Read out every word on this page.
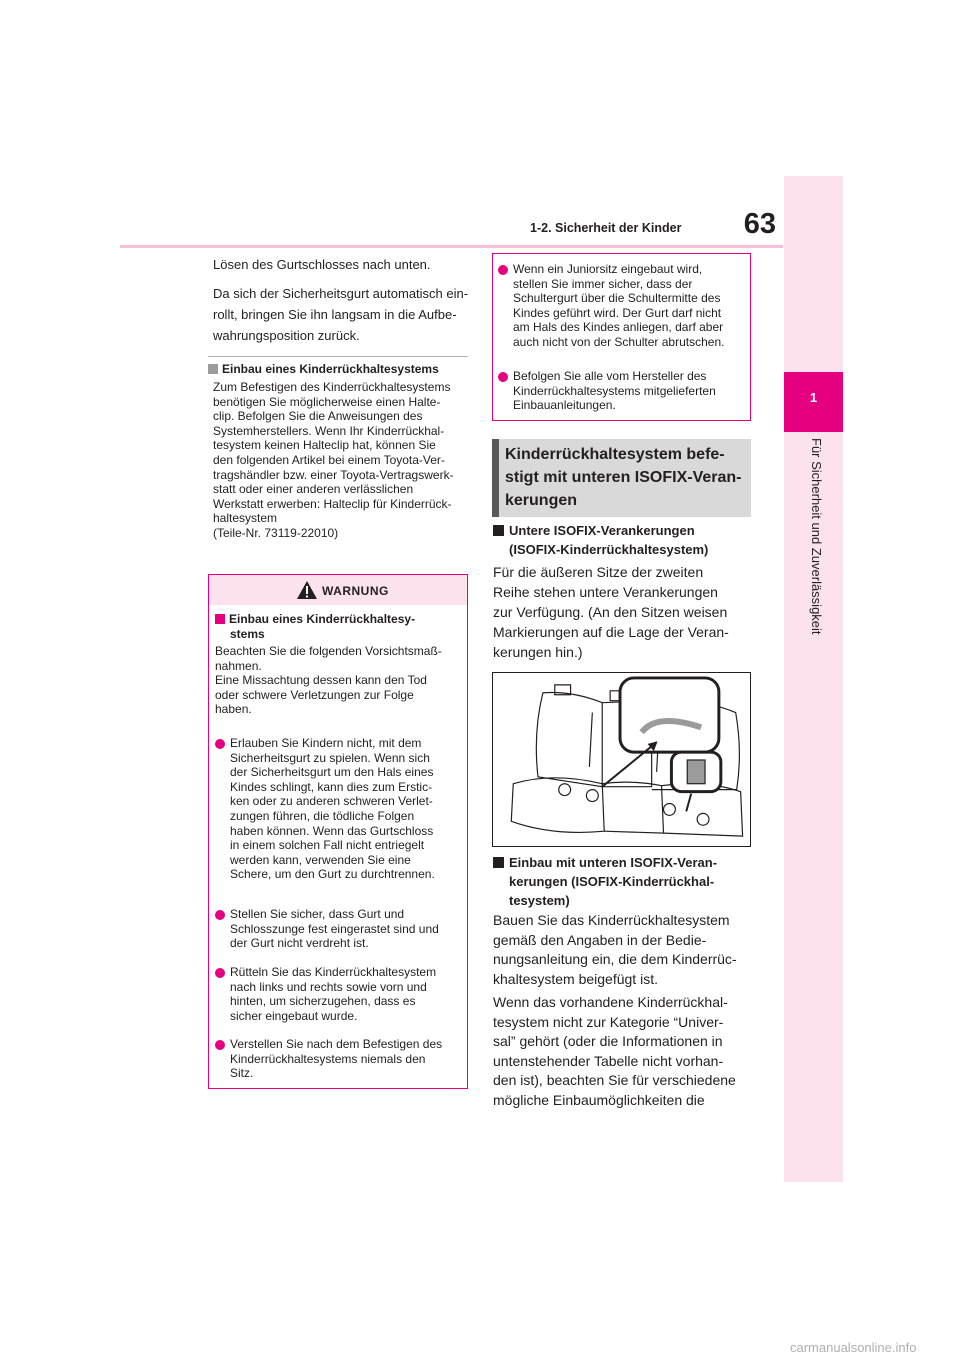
63
1-2. Sicherheit der Kinder
1
Für Sicherheit und Zuverlässigkeit

Lösen des Gurtschlosses nach unten.

Da sich der Sicherheitsgurt automatisch ein-
rollt, bringen Sie ihn langsam in die Aufbe-
wahrungsposition zurück.

Einbau eines Kinderrückhaltesystems
Zum Befestigen des Kinderrückhaltesystems
benötigen Sie möglicherweise einen Halte-
clip. Befolgen Sie die Anweisungen des
Systemherstellers. Wenn Ihr Kinderrückhal-
tesystem keinen Halteclip hat, können Sie
den folgenden Artikel bei einem Toyota-Ver-
tragshändler bzw. einer Toyota-Vertragswerk-
statt oder einer anderen verlässlichen
Werkstatt erwerben: Halteclip für Kinderrück-
haltesystem
(Teile-Nr. 73119-22010)
WARNUNG
Einbau eines Kinderrückhaltesy-
stems
Beachten Sie die folgenden Vorsichtsmaß-
nahmen.
Eine Missachtung dessen kann den Tod
oder schwere Verletzungen zur Folge
haben.
Erlauben Sie Kindern nicht, mit dem
Sicherheitsgurt zu spielen. Wenn sich
der Sicherheitsgurt um den Hals eines
Kindes schlingt, kann dies zum Erstic-
ken oder zu anderen schweren Verlet-
zungen führen, die tödliche Folgen
haben können. Wenn das Gurtschloss
in einem solchen Fall nicht entriegelt
werden kann, verwenden Sie eine
Schere, um den Gurt zu durchtrennen.
Stellen Sie sicher, dass Gurt und
Schlosszunge fest eingerastet sind und
der Gurt nicht verdreht ist.
Rütteln Sie das Kinderrückhaltesystem
nach links und rechts sowie vorn und
hinten, um sicherzugehen, dass es
sicher eingebaut wurde.
Verstellen Sie nach dem Befestigen des
Kinderrückhaltesystems niemals den
Sitz.
Wenn ein Juniorsitz eingebaut wird,
stellen Sie immer sicher, dass der
Schultergurt über die Schultermitte des
Kindes geführt wird. Der Gurt darf nicht
am Hals des Kindes anliegen, darf aber
auch nicht von der Schulter abrutschen.
Befolgen Sie alle vom Hersteller des
Kinderrückhaltesystems mitgelieferten
Einbauanleitungen.
Kinderrückhaltesystem befe-
stigt mit unteren ISOFIX-Veran-
kerungen
Untere ISOFIX-Verankerungen
(ISOFIX-Kinderrückhaltesystem)
Für die äußeren Sitze der zweiten
Reihe stehen untere Verankerungen
zur Verfügung. (An den Sitzen weisen
Markierungen auf die Lage der Veran-
kerungen hin.)
Einbau mit unteren ISOFIX-Veran-
kerungen (ISOFIX-Kinderrückhal-
tesystem)
Bauen Sie das Kinderrückhaltesystem
gemäß den Angaben in der Bedie-
nungsanleitung ein, die dem Kinderrüc-
khaltesystem beigefügt ist.
Wenn das vorhandene Kinderrückhal-
tesystem nicht zur Kategorie “Univer-
sal” gehört (oder die Informationen in
untenstehender Tabelle nicht vorhan-
den ist), beachten Sie für verschiedene
mögliche Einbaumöglichkeiten die
carmanualsonline.info
